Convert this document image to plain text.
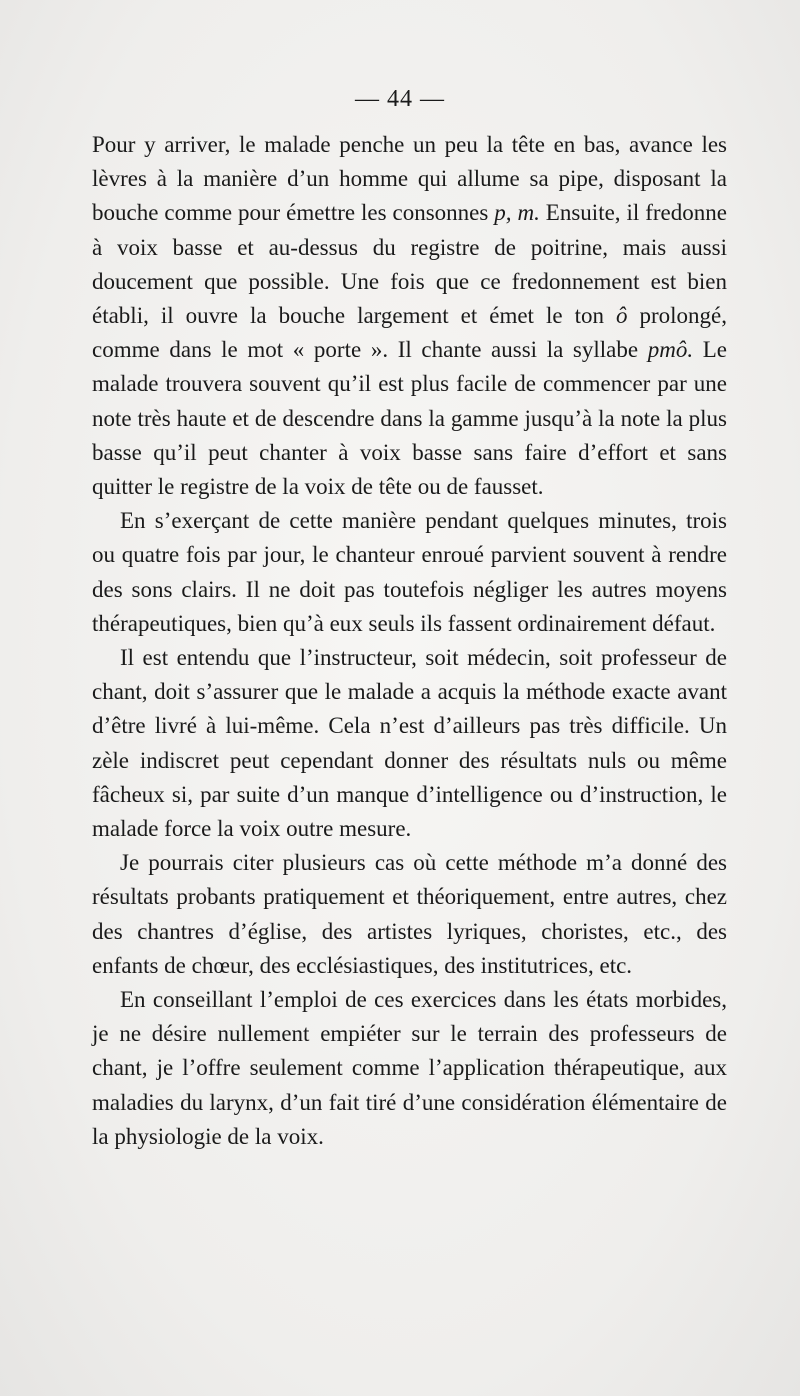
— 44 —

Pour y arriver, le malade penche un peu la tête en bas, avance les lèvres à la manière d’un homme qui allume sa pipe, disposant la bouche comme pour émettre les consonnes p, m. Ensuite, il fredonne à voix basse et au-dessus du registre de poitrine, mais aussi doucement que possible. Une fois que ce fredonnement est bien établi, il ouvre la bouche largement et émet le ton ô prolongé, comme dans le mot « porte ». Il chante aussi la syllabe pmô. Le malade trouvera souvent qu’il est plus facile de commencer par une note très haute et de descendre dans la gamme jusqu’à la note la plus basse qu’il peut chanter à voix basse sans faire d’effort et sans quitter le registre de la voix de tête ou de fausset.

En s’exerçant de cette manière pendant quelques minutes, trois ou quatre fois par jour, le chanteur enroué parvient souvent à rendre des sons clairs. Il ne doit pas toutefois négliger les autres moyens thérapeutiques, bien qu’à eux seuls ils fassent ordinairement défaut.

Il est entendu que l’instructeur, soit médecin, soit professeur de chant, doit s’assurer que le malade a acquis la méthode exacte avant d’être livré à lui-même. Cela n’est d’ailleurs pas très difficile. Un zèle indiscret peut cependant donner des résultats nuls ou même fâcheux si, par suite d’un manque d’intelligence ou d’instruction, le malade force la voix outre mesure.

Je pourrais citer plusieurs cas où cette méthode m’a donné des résultats probants pratiquement et théoriquement, entre autres, chez des chantres d’église, des artistes lyriques, choristes, etc., des enfants de chœur, des ecclésiastiques, des institutrices, etc.

En conseillant l’emploi de ces exercices dans les états morbides, je ne désire nullement empiéter sur le terrain des professeurs de chant, je l’offre seulement comme l’application thérapeutique, aux maladies du larynx, d’un fait tiré d’une considération élémentaire de la physiologie de la voix.
